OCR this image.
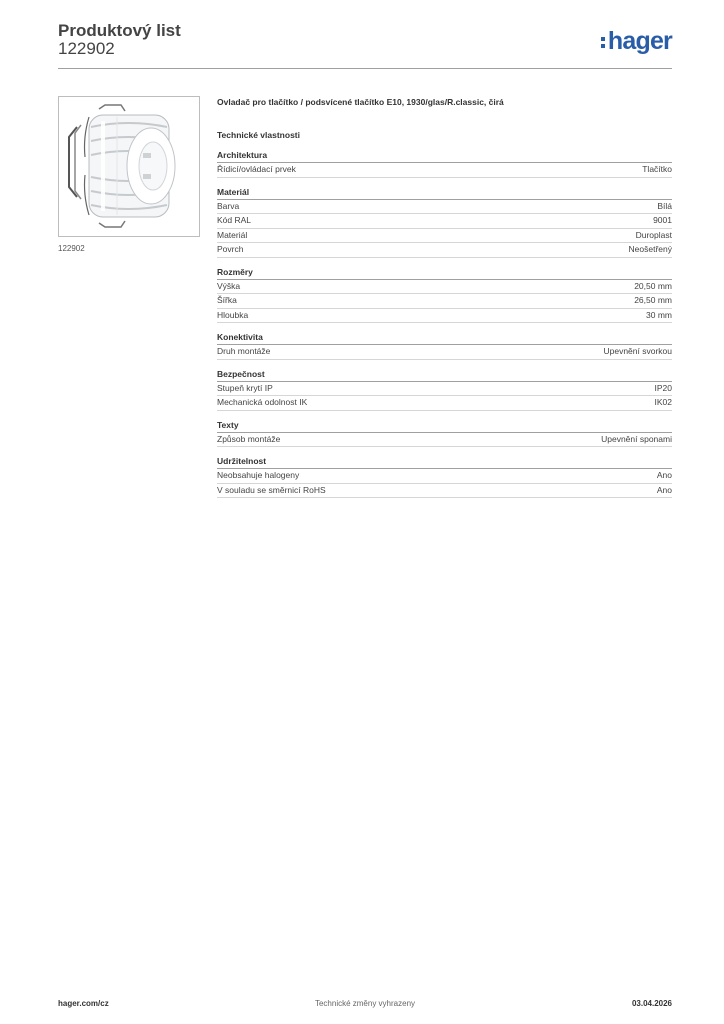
Produktový list
122902	hager
122902
Ovladač pro tlačítko / podsvícené tlačítko E10, 1930/glas/R.classic, čirá
Technické vlastnosti
Architektura
Řídicí/ovládací prvek	Tlačítko
Materiál
Barva	Bílá
Kód RAL	9001
Materiál	Duroplast
Povrch	Neošetřený
Rozměry
Výška	20,50 mm
Šířka	26,50 mm
Hloubka	30 mm
Konektivita
Druh montáže	Upevnění svorkou
Bezpečnost
Stupeň krytí IP	IP20
Mechanická odolnost IK	IK02
Texty
Způsob montáže	Upevnění sponami
Udržitelnost
Neobsahuje halogeny	Ano
V souladu se směrnicí RoHS	Ano
hager.com/cz	Technické změny vyhrazeny	03.04.2026
